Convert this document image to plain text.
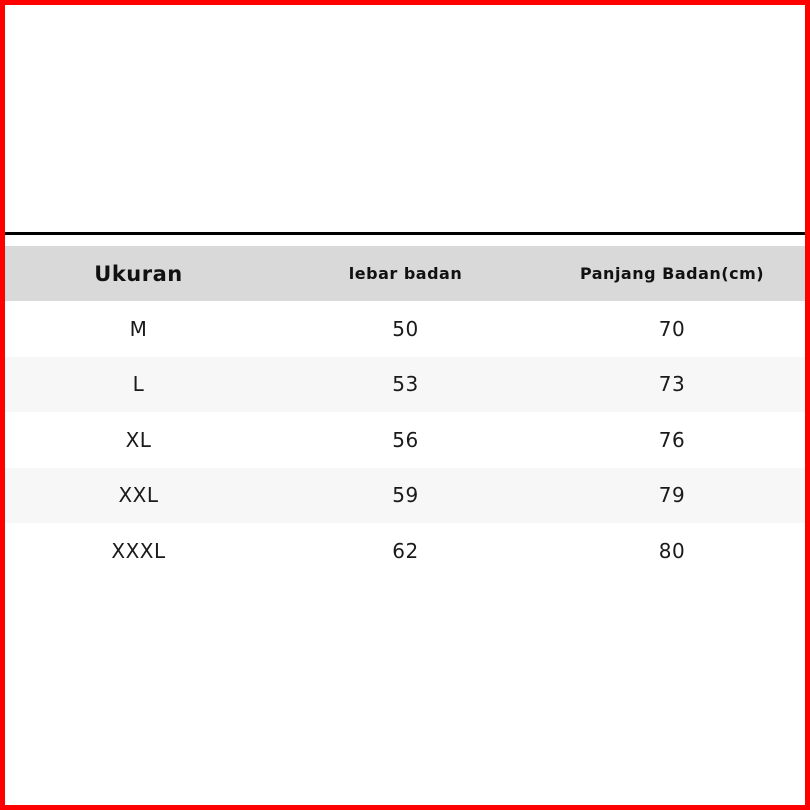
Ukuran	lebar badan	Panjang Badan(cm)
M	50	70
L	53	73
XL	56	76
XXL	59	79
XXXL	62	80
